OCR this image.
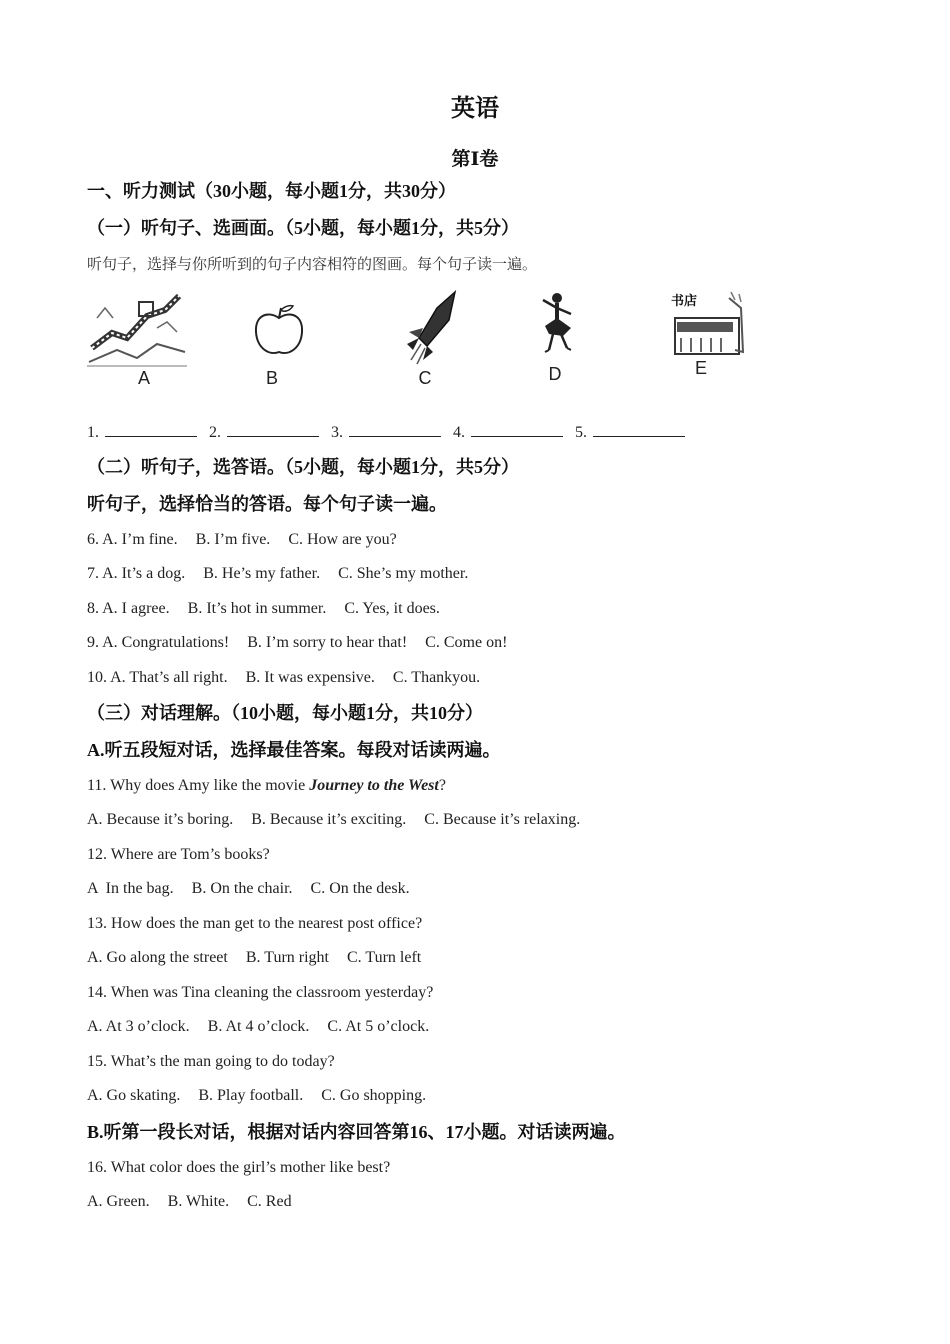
英语
第Ⅰ卷
一、听力测试（30小题，每小题1分，共30分）
（一）听句子、选画面。（5小题，每小题1分，共5分）
听句子，选择与你所听到的句子内容相符的图画。每个句子读一遍。
A	B	C	D
书店
E
1.	2.	3.	4.	5.
（二）听句子，选答语。（5小题，每小题1分，共5分）
听句子，选择恰当的答语。每个句子读一遍。
6. A. I’m fine. B. I’m five. C. How are you?
7. A. It’s a dog. B. He’s my father. C. She’s my mother.
8. A. I agree. B. It’s hot in summer. C. Yes, it does.
9. A. Congratulations! B. I’m sorry to hear that! C. Come on!
10. A. That’s all right. B. It was expensive. C. Thankyou.
（三）对话理解。（10小题，每小题1分，共10分）
A.听五段短对话，选择最佳答案。每段对话读两遍。
11. Why does Amy like the movie Journey to the West?
A. Because it’s boring. B. Because it’s exciting. C. Because it’s relaxing.
12. Where are Tom’s books?
A  In the bag. B. On the chair. C. On the desk.
13. How does the man get to the nearest post office?
A. Go along the street B. Turn right C. Turn left
14. When was Tina cleaning the classroom yesterday?
A. At 3 o’clock. B. At 4 o’clock. C. At 5 o’clock.
15. What’s the man going to do today?
A. Go skating. B. Play football. C. Go shopping.
B.听第一段长对话，根据对话内容回答第16、17小题。对话读两遍。
16. What color does the girl’s mother like best?
A. Green. B. White. C. Red
